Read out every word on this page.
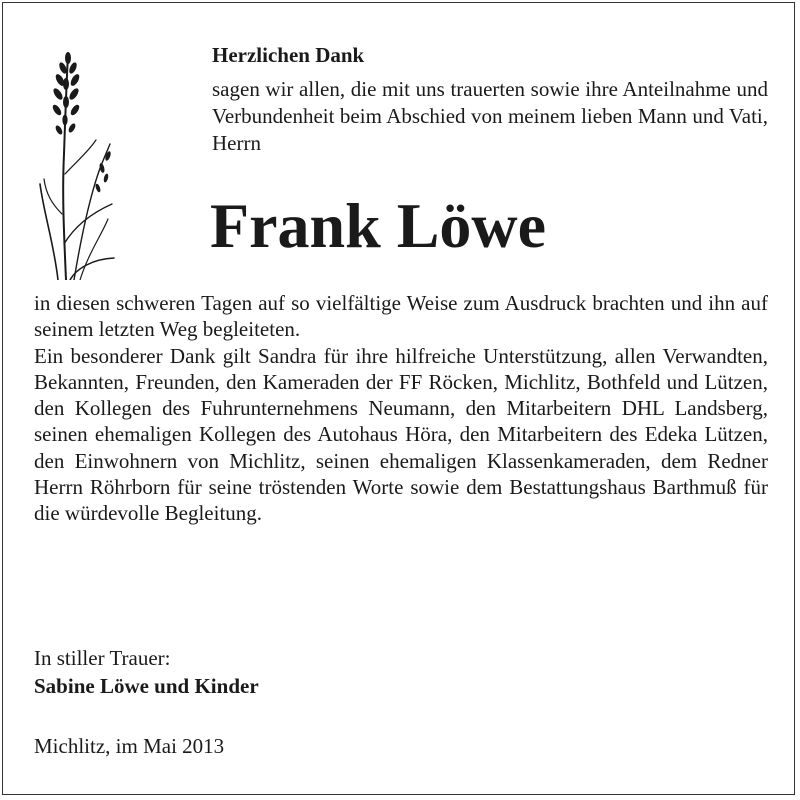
Herzlichen Dank

sagen wir allen, die mit uns trauerten sowie ihre Anteilnahme und Verbundenheit beim Abschied von meinem lieben Mann und Vati, Herrn

Frank Löwe

in diesen schweren Tagen auf so vielfältige Weise zum Ausdruck brachten und ihn auf seinem letzten Weg begleiteten.

Ein besonderer Dank gilt Sandra für ihre hilfreiche Unterstützung, allen Verwandten, Bekannten, Freunden, den Kameraden der FF Röcken, Michlitz, Bothfeld und Lützen, den Kollegen des Fuhrunternehmens Neumann, den Mitarbeitern DHL Landsberg, seinen ehemaligen Kollegen des Autohaus Höra, den Mitarbeitern des Edeka Lützen, den Einwohnern von Michlitz, seinen ehemaligen Klassenkameraden, dem Redner Herrn Röhrborn für seine tröstenden Worte sowie dem Bestattungshaus Barthmuß für die würdevolle Begleitung.

In stiller Trauer:
Sabine Löwe und Kinder
Michlitz, im Mai 2013
